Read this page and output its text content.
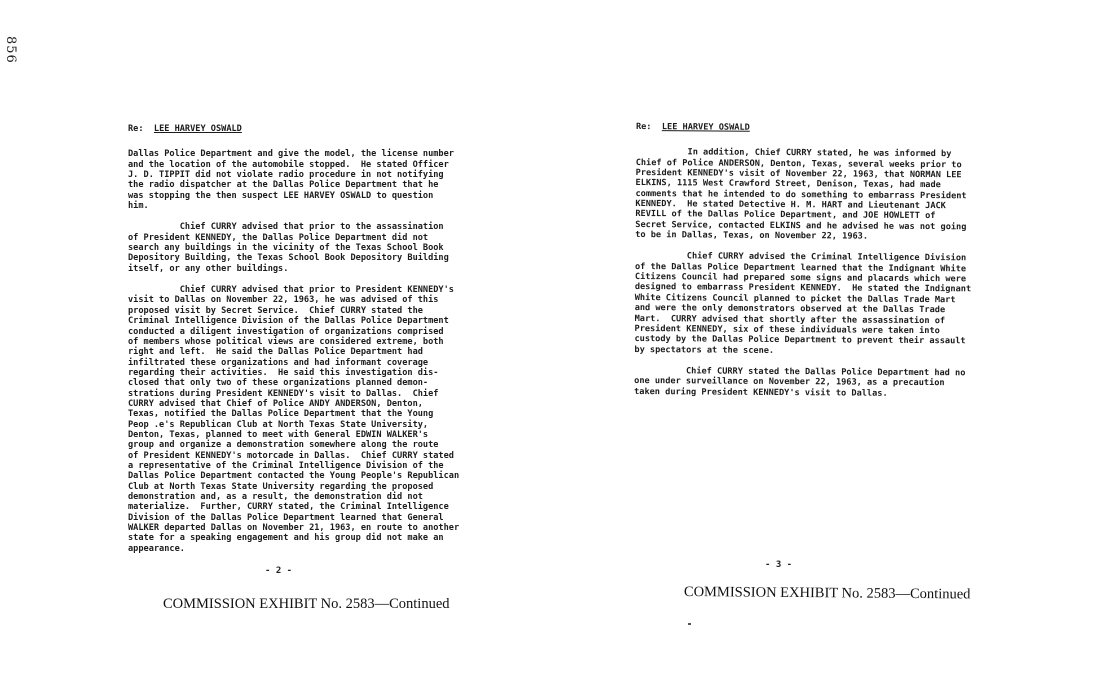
856
Re: LEE HARVEY OSWALD
Dallas Police Department and give the model, the license number
and the location of the automobile stopped.  He stated Officer
J. D. TIPPIT did not violate radio procedure in not notifying
the radio dispatcher at the Dallas Police Department that he
was stopping the then suspect LEE HARVEY OSWALD to question
him.
Chief CURRY advised that prior to the assassination
of President KENNEDY, the Dallas Police Department did not
search any buildings in the vicinity of the Texas School Book
Depository Building, the Texas School Book Depository Building
itself, or any other buildings.
Chief CURRY advised that prior to President KENNEDY's
visit to Dallas on November 22, 1963, he was advised of this
proposed visit by Secret Service.  Chief CURRY stated the
Criminal Intelligence Division of the Dallas Police Department
conducted a diligent investigation of organizations comprised
of members whose political views are considered extreme, both
right and left.  He said the Dallas Police Department had
infiltrated these organizations and had informant coverage
regarding their activities.  He said this investigation dis-
closed that only two of these organizations planned demon-
strations during President KENNEDY's visit to Dallas.  Chief
CURRY advised that Chief of Police ANDY ANDERSON, Denton,
Texas, notified the Dallas Police Department that the Young
Peop .e's Republican Club at North Texas State University,
Denton, Texas, planned to meet with General EDWIN WALKER's
group and organize a demonstration somewhere along the route
of President KENNEDY's motorcade in Dallas.  Chief CURRY stated
a representative of the Criminal Intelligence Division of the
Dallas Police Department contacted the Young People's Republican
Club at North Texas State University regarding the proposed
demonstration and, as a result, the demonstration did not
materialize.  Further, CURRY stated, the Criminal Intelligence
Division of the Dallas Police Department learned that General
WALKER departed Dallas on November 21, 1963, en route to another
state for a speaking engagement and his group did not make an
appearance.
- 2 -
COMMISSION EXHIBIT No. 2583—Continued
Re: LEE HARVEY OSWALD
In addition, Chief CURRY stated, he was informed by
Chief of Police ANDERSON, Denton, Texas, several weeks prior to
President KENNEDY's visit of November 22, 1963, that NORMAN LEE
ELKINS, 1115 West Crawford Street, Denison, Texas, had made
comments that he intended to do something to embarrass President
KENNEDY.  He stated Detective H. M. HART and Lieutenant JACK
REVILL of the Dallas Police Department, and JOE HOWLETT of
Secret Service, contacted ELKINS and he advised he was not going
to be in Dallas, Texas, on November 22, 1963.
Chief CURRY advised the Criminal Intelligence Division
of the Dallas Police Department learned that the Indignant White
Citizens Council had prepared some signs and placards which were
designed to embarrass President KENNEDY.  He stated the Indignant
White Citizens Council planned to picket the Dallas Trade Mart
and were the only demonstrators observed at the Dallas Trade
Mart.  CURRY advised that shortly after the assassination of
President KENNEDY, six of these individuals were taken into
custody by the Dallas Police Department to prevent their assault
by spectators at the scene.
Chief CURRY stated the Dallas Police Department had no
one under surveillance on November 22, 1963, as a precaution
taken during President KENNEDY's visit to Dallas.
- 3 -
COMMISSION EXHIBIT No. 2583—Continued
